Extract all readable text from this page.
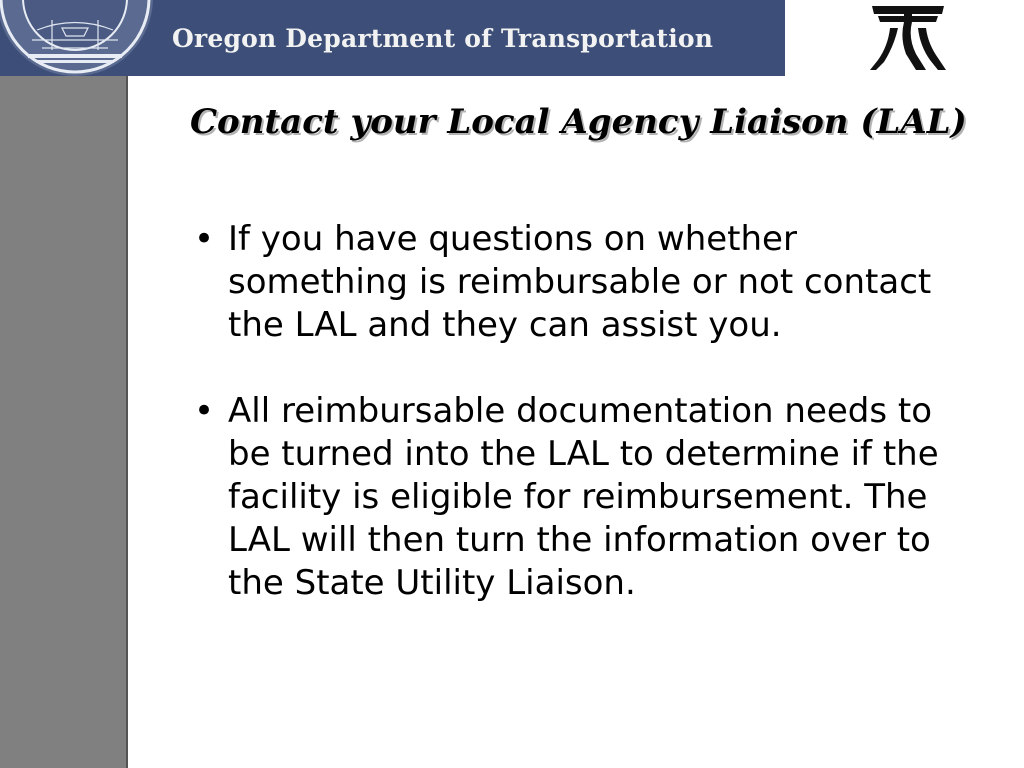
Oregon Department of Transportation
Contact your Local Agency Liaison (LAL)
• If you have questions on whether something is reimbursable or not contact the LAL and they can assist you.
• All reimbursable documentation needs to be turned into the LAL to determine if the facility is eligible for reimbursement. The LAL will then turn the information over to the State Utility Liaison.
